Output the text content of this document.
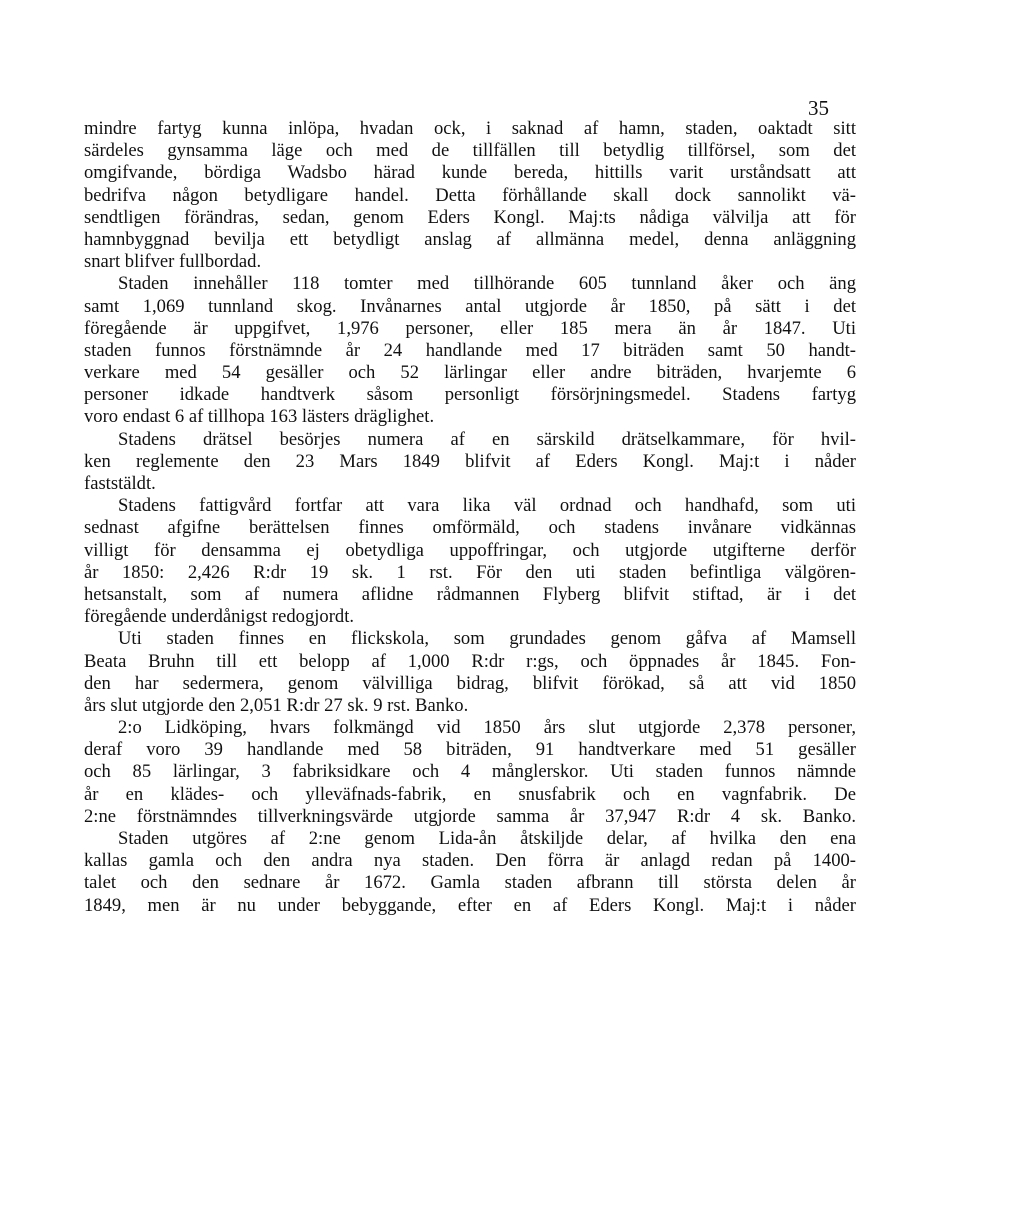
35
mindre fartyg kunna inlöpa, hvadan ock, i saknad af hamn, staden, oaktadt sitt
särdeles gynsamma läge och med de tillfällen till betydlig tillförsel, som det
omgifvande, bördiga Wadsbo härad kunde bereda, hittills varit urståndsatt att
bedrifva någon betydligare handel. Detta förhållande skall dock sannolikt vä-
sendtligen förändras, sedan, genom Eders Kongl. Maj:ts nådiga välvilja att för
hamnbyggnad bevilja ett betydligt anslag af allmänna medel, denna anläggning
snart blifver fullbordad.
Staden innehåller 118 tomter med tillhörande 605 tunnland åker och äng
samt 1,069 tunnland skog. Invånarnes antal utgjorde år 1850, på sätt i det
föregående är uppgifvet, 1,976 personer, eller 185 mera än år 1847. Uti
staden funnos förstnämnde år 24 handlande med 17 biträden samt 50 handt-
verkare med 54 gesäller och 52 lärlingar eller andre biträden, hvarjemte 6
personer idkade handtverk såsom personligt försörjningsmedel. Stadens fartyg
voro endast 6 af tillhopa 163 lästers dräglighet.
Stadens drätsel besörjes numera af en särskild drätselkammare, för hvil-
ken reglemente den 23 Mars 1849 blifvit af Eders Kongl. Maj:t i nåder
faststäldt.
Stadens fattigvård fortfar att vara lika väl ordnad och handhafd, som uti
sednast afgifne berättelsen finnes omförmäld, och stadens invånare vidkännas
villigt för densamma ej obetydliga uppoffringar, och utgjorde utgifterne derför
år 1850: 2,426 R:dr 19 sk. 1 rst. För den uti staden befintliga välgören-
hetsanstalt, som af numera aflidne rådmannen Flyberg blifvit stiftad, är i det
föregående underdånigst redogjordt.
Uti staden finnes en flickskola, som grundades genom gåfva af Mamsell
Beata Bruhn till ett belopp af 1,000 R:dr r:gs, och öppnades år 1845. Fon-
den har sedermera, genom välvilliga bidrag, blifvit förökad, så att vid 1850
års slut utgjorde den 2,051 R:dr 27 sk. 9 rst. Banko.
2:o Lidköping, hvars folkmängd vid 1850 års slut utgjorde 2,378 personer,
deraf voro 39 handlande med 58 biträden, 91 handtverkare med 51 gesäller
och 85 lärlingar, 3 fabriksidkare och 4 månglerskor. Uti staden funnos nämnde
år en klädes- och ylleväfnads-fabrik, en snusfabrik och en vagnfabrik. De
2:ne förstnämndes tillverkningsvärde utgjorde samma år 37,947 R:dr 4 sk. Banko.
Staden utgöres af 2:ne genom Lida-ån åtskiljde delar, af hvilka den ena
kallas gamla och den andra nya staden. Den förra är anlagd redan på 1400-
talet och den sednare år 1672. Gamla staden afbrann till största delen år
1849, men är nu under bebyggande, efter en af Eders Kongl. Maj:t i nåder
